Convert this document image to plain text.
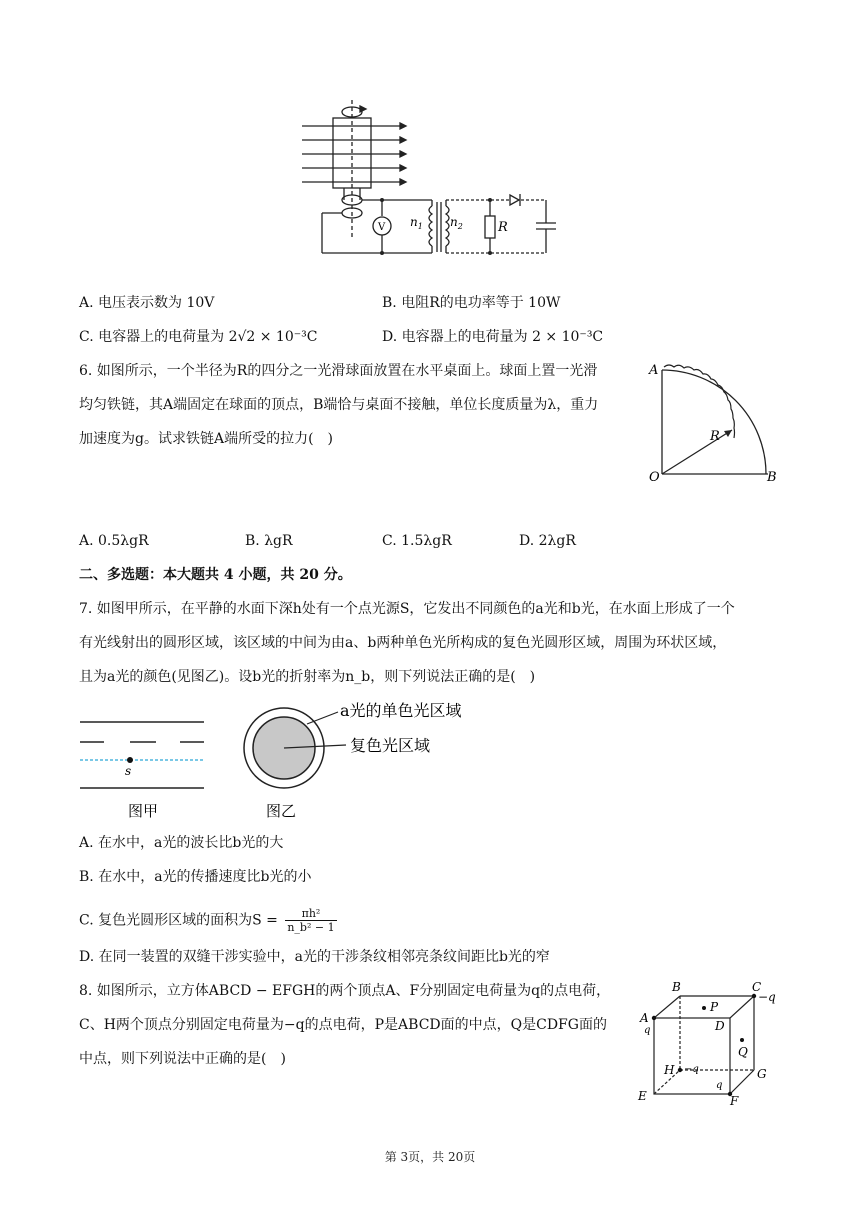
V $n_1$ $n_2$	R
A. 电压表示数为 10V	B. 电阻R的电功率等于 10W
C. 电容器上的电荷量为 2√2 × 10⁻³C	D. 电容器上的电荷量为 2 × 10⁻³C
6. 如图所示，一个半径为R的四分之一光滑球面放置在水平桌面上。球面上置一光滑
均匀铁链，其A端固定在球面的顶点，B端恰与桌面不接触，单位长度质量为λ，重力
加速度为g。试求铁链A端所受的拉力(　)
A
O	B
R
A. 0.5λgR	B. λgR	C. 1.5λgR	D. 2λgR
二、多选题：本大题共 4 小题，共 20 分。
7. 如图甲所示，在平静的水面下深h处有一个点光源S，它发出不同颜色的a光和b光，在水面上形成了一个
有光线射出的圆形区域，该区域的中间为由a、b两种单色光所构成的复色光圆形区域，周围为环状区域，
且为a光的颜色(见图乙)。设b光的折射率为n_b，则下列说法正确的是(　)
s
图甲
a光的单色光区域
复色光区域
图乙
A. 在水中，a光的波长比b光的大
B. 在水中，a光的传播速度比b光的小
C. 复色光圆形区域的面积为$S = \frac{\text{πh²}}{\text{n\_b² − 1}}$
D. 在同一装置的双缝干涉实验中，a光的干涉条纹相邻亮条纹间距比b光的窄
8. 如图所示，立方体ABCD − EFGH的两个顶点A、F分别固定电荷量为q的点电荷，
C、H两个顶点分别固定电荷量为−q的点电荷，P是ABCD面的中点，Q是CDFG面的
中点，则下列说法中正确的是(　)
B	C
−q
A
q
P
D
Q
H −q	G
q
E	F
第 3页，共 20页
